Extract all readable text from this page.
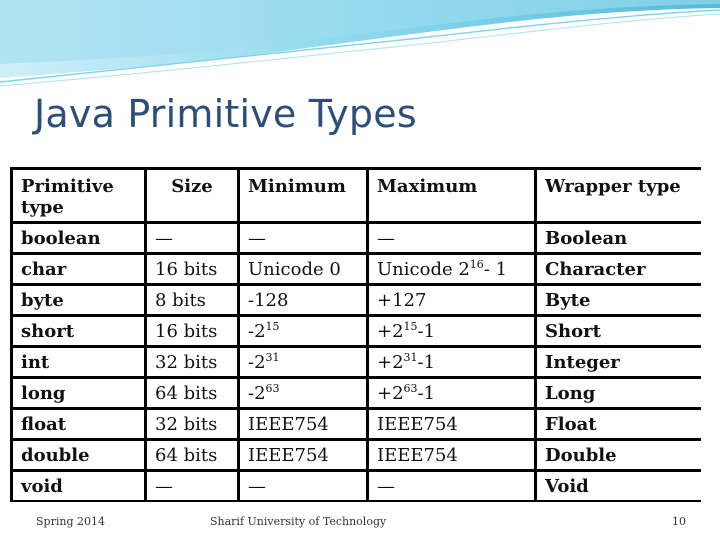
Java Primitive Types
Primitive type	Size	Minimum	Maximum	Wrapper type
boolean	—	—	—	Boolean
char	16 bits	Unicode 0	Unicode $2^{16}-$ 1	Character
byte	8 bits	-128	+127	Byte
short	16 bits	$-2^{15}$	$+2^{15}-1$	Short
int	32 bits	$-2^{31}$	$+2^{31}-1$	Integer
long	64 bits	$-2^{63}$	$+2^{63}-1$	Long
float	32 bits	IEEE754	IEEE754	Float
double	64 bits	IEEE754	IEEE754	Double
void	—	—	—	Void
Spring 2014	Sharif University of Technology	10
